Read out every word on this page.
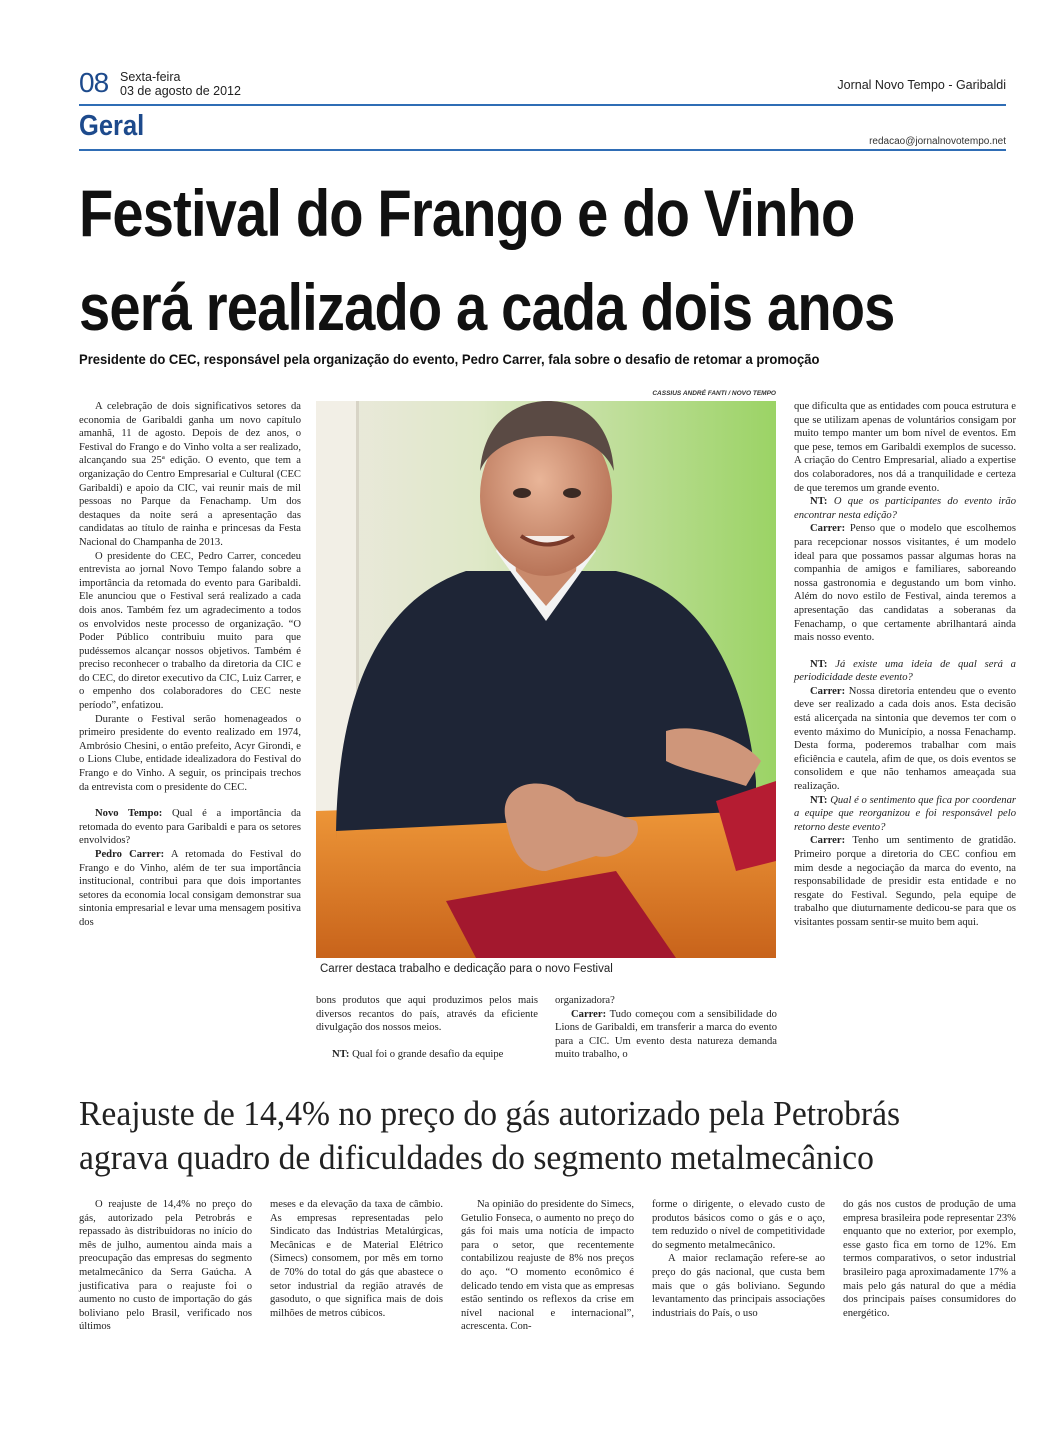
08 Sexta-feira
03 de agosto de 2012	Jornal Novo Tempo - Garibaldi
Geral	redacao@jornalnovotempo.net
Festival do Frango e do Vinho
será realizado a cada dois anos
Presidente do CEC, responsável pela organização do evento, Pedro Carrer, fala sobre o desafio de retomar a promoção

A celebração de dois significativos setores da economia de Garibaldi ganha um novo capítulo amanhã, 11 de agosto. Depois de dez anos, o Festival do Frango e do Vinho volta a ser realizado, alcançando sua 25ª edição. O evento, que tem a organização do Centro Empresarial e Cultural (CEC Garibaldi) e apoio da CIC, vai reunir mais de mil pessoas no Parque da Fenachamp. Um dos destaques da noite será a apresentação das candidatas ao título de rainha e princesas da Festa Nacional do Champanha de 2013.

O presidente do CEC, Pedro Carrer, concedeu entrevista ao jornal Novo Tempo falando sobre a importância da retomada do evento para Garibaldi. Ele anunciou que o Festival será realizado a cada dois anos. Também fez um agradecimento a todos os envolvidos neste processo de organização. “O Poder Público contribuiu muito para que pudéssemos alcançar nossos objetivos. Também é preciso reconhecer o trabalho da diretoria da CIC e do CEC, do diretor executivo da CIC, Luiz Carrer, e o empenho dos colaboradores do CEC neste período”, enfatizou.

Durante o Festival serão homenageados o primeiro presidente do evento realizado em 1974, Ambrósio Chesini, o então prefeito, Acyr Girondi, e o Lions Clube, entidade idealizadora do Festival do Frango e do Vinho. A seguir, os principais trechos da entrevista com o presidente do CEC.

Novo Tempo: Qual é a importância da retomada do evento para Garibaldi e para os setores envolvidos?

Pedro Carrer: A retomada do Festival do Frango e do Vinho, além de ter sua importância institucional, contribui para que dois importantes setores da economia local consigam demonstrar sua sintonia empresarial e levar uma mensagem positiva dos

CASSIUS ANDRÉ FANTI / NOVO TEMPO
Carrer destaca trabalho e dedicação para o novo Festival

bons produtos que aqui produzimos pelos mais diversos recantos do país, através da eficiente divulgação dos nossos meios.

NT: Qual foi o grande desafio da equipe

organizadora?

Carrer: Tudo começou com a sensibilidade do Lions de Garibaldi, em transferir a marca do evento para a CIC. Um evento desta natureza demanda muito trabalho, o

que dificulta que as entidades com pouca estrutura e que se utilizam apenas de voluntários consigam por muito tempo manter um bom nível de eventos. Em que pese, temos em Garibaldi exemplos de sucesso. A criação do Centro Empresarial, aliado a expertise dos colaboradores, nos dá a tranquilidade e certeza de que teremos um grande evento.

NT: O que os participantes do evento irão encontrar nesta edição?

Carrer: Penso que o modelo que escolhemos para recepcionar nossos visitantes, é um modelo ideal para que possamos passar algumas horas na companhia de amigos e familiares, saboreando nossa gastronomia e degustando um bom vinho. Além do novo estilo de Festival, ainda teremos a apresentação das candidatas a soberanas da Fenachamp, o que certamente abrilhantará ainda mais nosso evento.

NT: Já existe uma ideia de qual será a periodicidade deste evento?

Carrer: Nossa diretoria entendeu que o evento deve ser realizado a cada dois anos. Esta decisão está alicerçada na sintonia que devemos ter com o evento máximo do Município, a nossa Fenachamp. Desta forma, poderemos trabalhar com mais eficiência e cautela, afim de que, os dois eventos se consolidem e que não tenhamos ameaçada sua realização.

NT: Qual é o sentimento que fica por coordenar a equipe que reorganizou e foi responsável pelo retorno deste evento?

Carrer: Tenho um sentimento de gratidão. Primeiro porque a diretoria do CEC confiou em mim desde a negociação da marca do evento, na responsabilidade de presidir esta entidade e no resgate do Festival. Segundo, pela equipe de trabalho que diuturnamente dedicou-se para que os visitantes possam sentir-se muito bem aqui.

Reajuste de 14,4% no preço do gás autorizado pela Petrobrás
agrava quadro de dificuldades do segmento metalmecânico

O reajuste de 14,4% no preço do gás, autorizado pela Petrobrás e repassado às distribuidoras no início do mês de julho, aumentou ainda mais a preocupação das empresas do segmento metalmecânico da Serra Gaúcha. A justificativa para o reajuste foi o aumento no custo de importação do gás boliviano pelo Brasil, verificado nos últimos

meses e da elevação da taxa de câmbio. As empresas representadas pelo Sindicato das Indústrias Metalúrgicas, Mecânicas e de Material Elétrico (Simecs) consomem, por mês em torno de 70% do total do gás que abastece o setor industrial da região através de gasoduto, o que significa mais de dois milhões de metros cúbicos.

Na opinião do presidente do Simecs, Getulio Fonseca, o aumento no preço do gás foi mais uma notícia de impacto para o setor, que recentemente contabilizou reajuste de 8% nos preços do aço. “O momento econômico é delicado tendo em vista que as empresas estão sentindo os reflexos da crise em nível nacional e internacional”, acrescenta. Con-

forme o dirigente, o elevado custo de produtos básicos como o gás e o aço, tem reduzido o nível de competitividade do segmento metalmecânico.

A maior reclamação refere-se ao preço do gás nacional, que custa bem mais que o gás boliviano. Segundo levantamento das principais associações industriais do País, o uso

do gás nos custos de produção de uma empresa brasileira pode representar 23% enquanto que no exterior, por exemplo, esse gasto fica em torno de 12%. Em termos comparativos, o setor industrial brasileiro paga aproximadamente 17% a mais pelo gás natural do que a média dos principais países consumidores do energético.
